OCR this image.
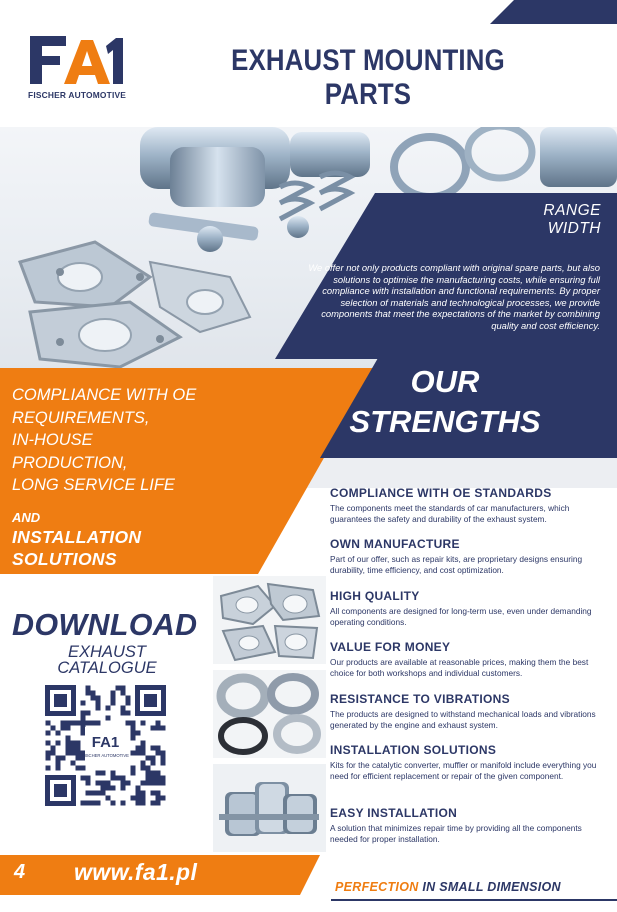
FISCHER AUTOMOTIVE
EXHAUST MOUNTING PARTS
RANGE
WIDTH
We offer not only products compliant with original spare parts, but also solutions to optimise the manufacturing costs, while ensuring full compliance with installation and functional requirements. By proper selection of materials and technological processes, we provide components that meet the expectations of the market by combining quality and cost efficiency.
COMPLIANCE WITH OE
REQUIREMENTS,
IN-HOUSE
PRODUCTION,
LONG SERVICE LIFE
AND
INSTALLATION
SOLUTIONS
OUR
STRENGTHS
DOWNLOAD
EXHAUST
CATALOGUE
FA1
FISCHER AUTOMOTIVE
COMPLIANCE WITH OE STANDARDS

The components meet the standards of car manufacturers, which guarantees the safety and durability of the exhaust system.

OWN MANUFACTURE

Part of our offer, such as repair kits, are proprietary designs ensuring durability, time efficiency, and cost optimization.

HIGH QUALITY

All components are designed for long-term use, even under demanding operating conditions.

VALUE FOR MONEY

Our products are available at reasonable prices, making them the best choice for both workshops and individual customers.

RESISTANCE TO VIBRATIONS

The products are designed to withstand mechanical loads and vibrations generated by the engine and exhaust system.

INSTALLATION SOLUTIONS

Kits for the catalytic converter, muffler or manifold include everything you need for efficient replacement or repair of the given component.

EASY INSTALLATION

A solution that minimizes repair time by providing all the components needed for proper installation.

4 www.fa1.pl
PERFECTION IN SMALL DIMENSION
